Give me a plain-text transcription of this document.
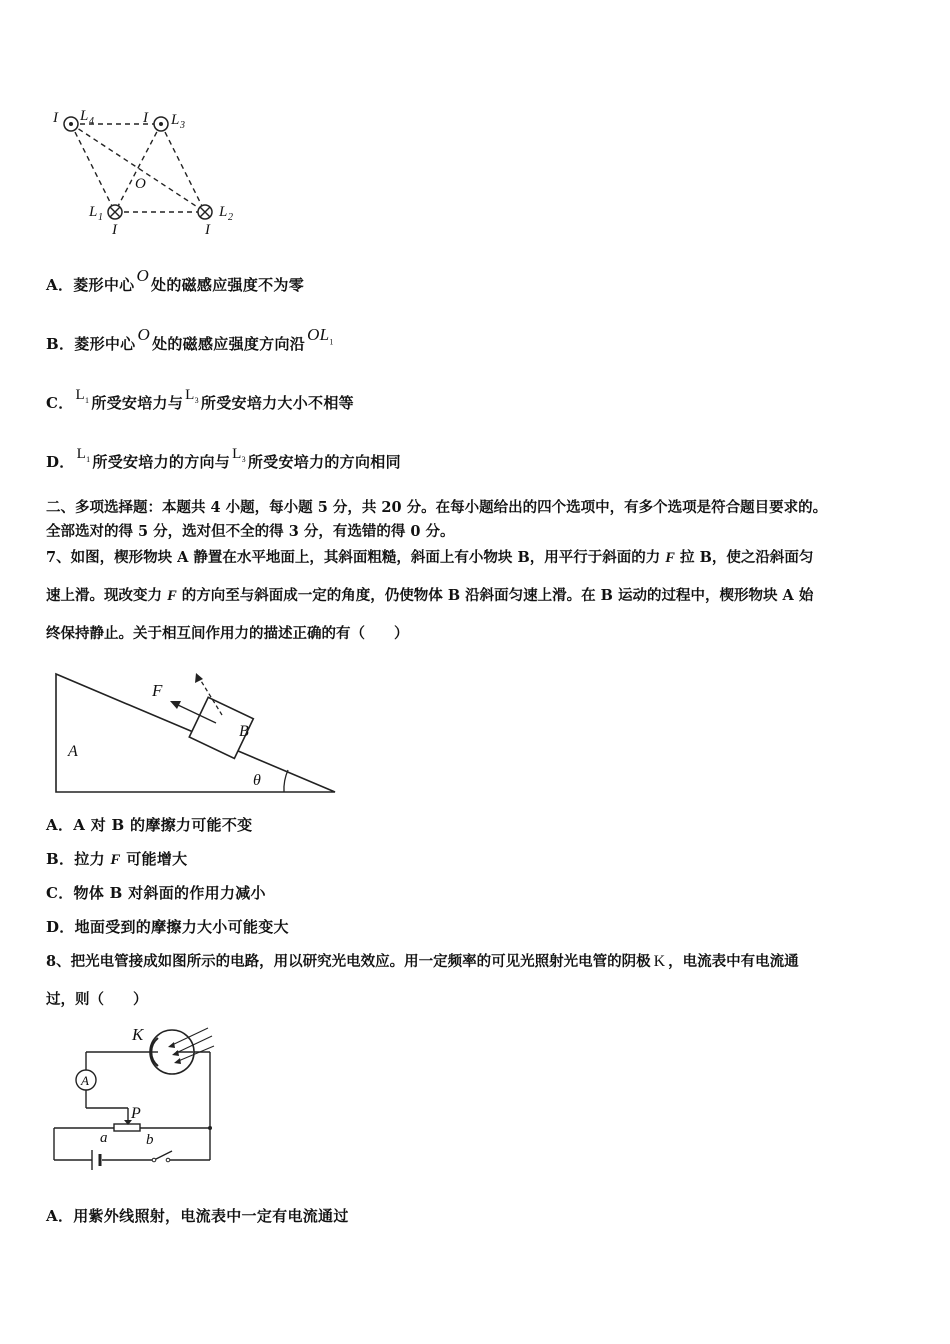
I L 4	I L 3
O
L 1
I
L 2
I
A．菱形中心 O 处的磁感应强度不为零
B．菱形中心 O 处的磁感应强度方向沿 $OL_1$
C． $L_1$ 所受安培力与 $L_3$ 所受安培力大小不相等
D． $L_1$ 所受安培力的方向与 $L_3$ 所受安培力的方向相同
二、多项选择题：本题共 4 小题，每小题 5 分，共 20 分。在每小题给出的四个选项中，有多个选项是符合题目要求的。
全部选对的得 5 分，选对但不全的得 3 分，有选错的得 0 分。
7、如图，楔形物块 A 静置在水平地面上，其斜面粗糙，斜面上有小物块 B，用平行于斜面的力 F 拉 B，使之沿斜面匀
速上滑。现改变力 F 的方向至与斜面成一定的角度，仍使物体 B 沿斜面匀速上滑。在 B 运动的过程中，楔形物块 A 始
终保持静止。关于相互间作用力的描述正确的有（　　）
F
B
A
θ
A．A 对 B 的摩擦力可能不变
B．拉力 F 可能增大
C．物体 B 对斜面的作用力减小
D．地面受到的摩擦力大小可能变大
8、把光电管接成如图所示的电路，用以研究光电效应。用一定频率的可见光照射光电管的阴极 K ，电流表中有电流通
过，则（　　）
A
K
P
a	b
A．用紫外线照射，电流表中一定有电流通过
